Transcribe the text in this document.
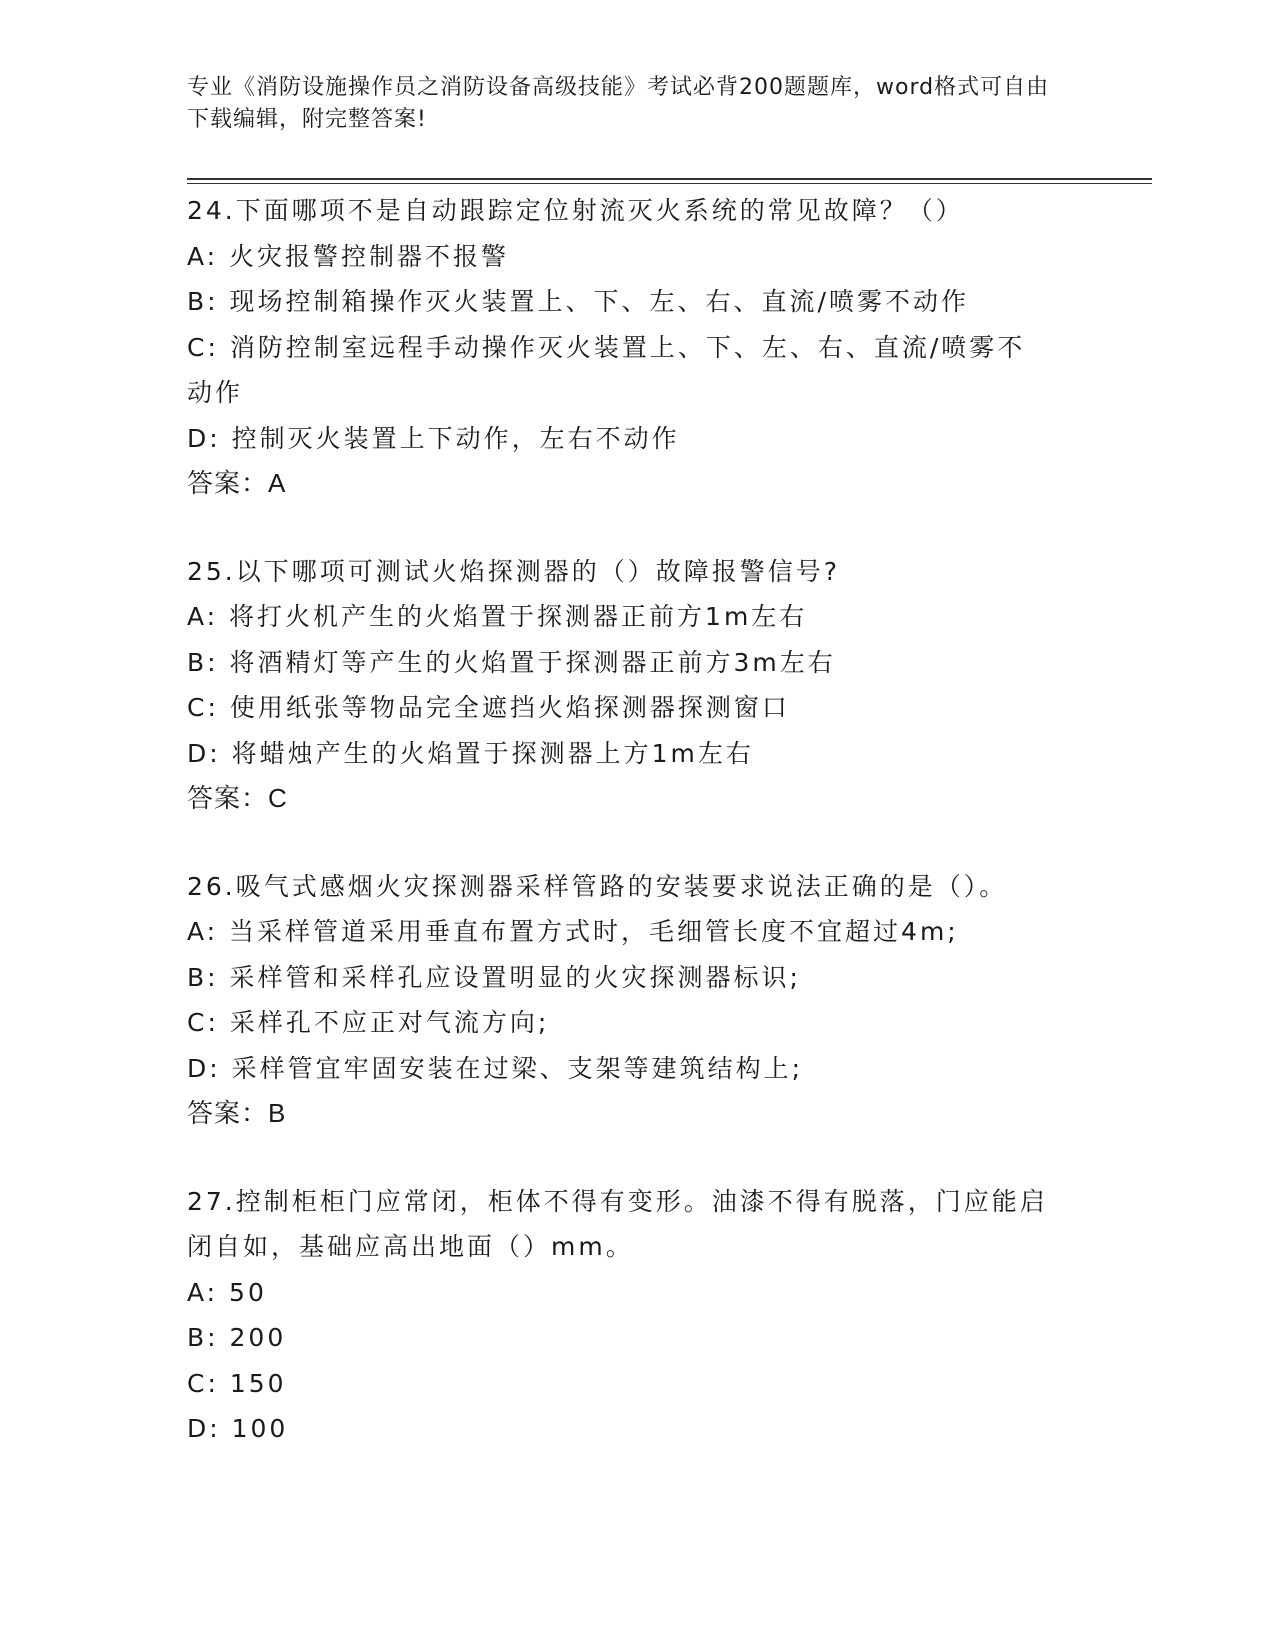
专业《消防设施操作员之消防设备高级技能》考试必背200题题库，word格式可自由下载编辑，附完整答案!
24.下面哪项不是自动跟踪定位射流灭火系统的常见故障？（）
A: 火灾报警控制器不报警
B: 现场控制箱操作灭火装置上、下、左、右、直流/喷雾不动作
C: 消防控制室远程手动操作灭火装置上、下、左、右、直流/喷雾不
动作
D: 控制灭火装置上下动作，左右不动作
答案：A
25.以下哪项可测试火焰探测器的（）故障报警信号?
A: 将打火机产生的火焰置于探测器正前方1m左右
B: 将酒精灯等产生的火焰置于探测器正前方3m左右
C: 使用纸张等物品完全遮挡火焰探测器探测窗口
D: 将蜡烛产生的火焰置于探测器上方1m左右
答案：C
26.吸气式感烟火灾探测器采样管路的安装要求说法正确的是（）。
A: 当采样管道采用垂直布置方式时，毛细管长度不宜超过4m;
B: 采样管和采样孔应设置明显的火灾探测器标识;
C: 采样孔不应正对气流方向;
D: 采样管宜牢固安装在过梁、支架等建筑结构上;
答案：B
27.控制柜柜门应常闭，柜体不得有变形。油漆不得有脱落，门应能启闭自如，基础应高出地面（）mm。
A: 50
B: 200
C: 150
D: 100
